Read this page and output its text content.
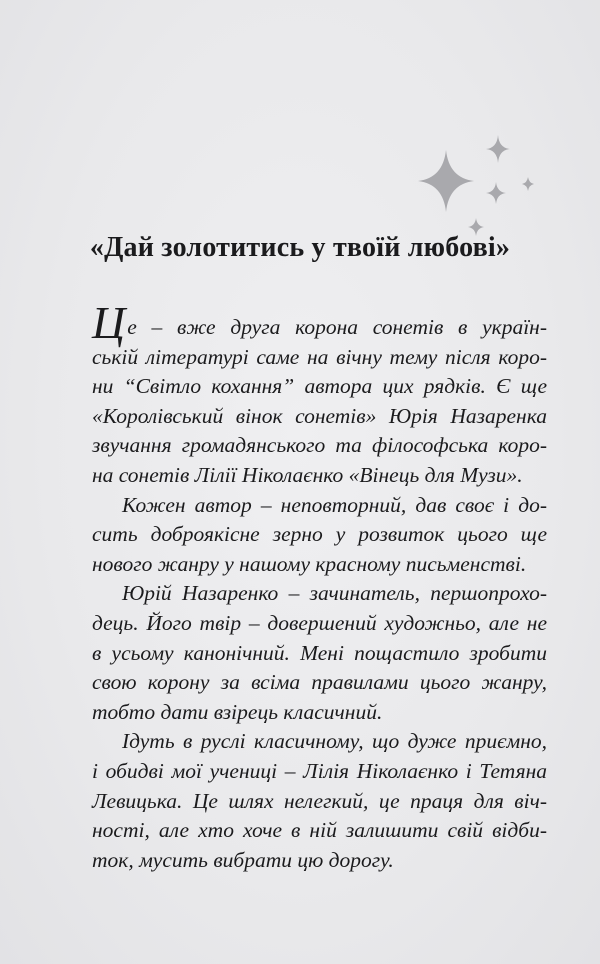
«Дай золотитись у твоїй любові»
Це – вже друга корона сонетів в україн-
ській літературі саме на вічну тему після коро-
ни “Світло кохання” автора цих рядків. Є ще
«Королівський вінок сонетів» Юрія Назаренка
звучання громадянського та філософська коро-
на сонетів Лілії Ніколаєнко «Вінець для Музи».
Кожен автор – неповторний, дав своє і до-
сить доброякісне зерно у розвиток цього ще
нового жанру у нашому красному письменстві.
Юрій Назаренко – зачинатель, першопрохо-
дець. Його твір – довершений художньо, але не
в усьому канонічний. Мені пощастило зробити
свою корону за всіма правилами цього жанру,
тобто дати взірець класичний.
Ідуть в руслі класичному, що дуже приємно,
і обидві мої учениці – Лілія Ніколаєнко і Тетяна
Левицька. Це шлях нелегкий, це праця для віч-
ності, але хто хоче в ній залишити свій відби-
ток, мусить вибрати цю дорогу.
